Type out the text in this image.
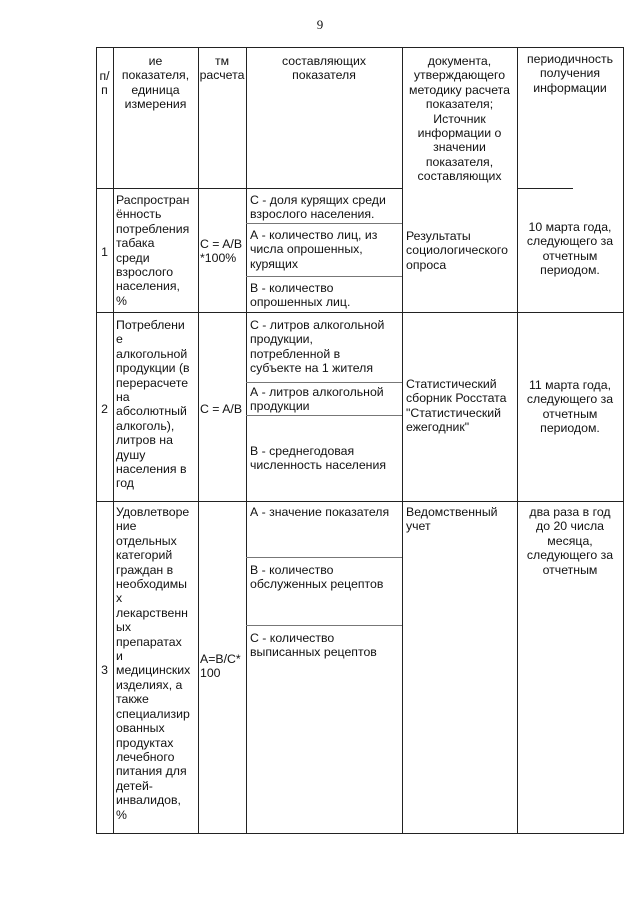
9
п/
п
ие
показателя,
единица
измерения
тм
расчета
составляющих
показателя
документа,
утверждающего
методику расчета
показателя;
Источник
информации о
значении
показателя,
составляющих
периодичность
получения
информации
1
Распростран
ённость
потребления
табака
среди
взрослого
населения,
%
C = A/B
*100%
С - доля курящих среди
взрослого населения.
А - количество лиц, из
числа опрошенных,
курящих
В - количество
опрошенных лиц.
Результаты
социологического
опроса
10 марта года,
следующего за
отчетным
периодом.
2
Потреблени
е
алкогольной
продукции (в
перерасчете
на
абсолютный
алкоголь),
литров на
душу
населения в
год
C = A/B
С - литров алкогольной
продукции,
потребленной в
субъекте на 1 жителя
А - литров алкогольной
продукции
В - среднегодовая
численность населения
Статистический
сборник Росстата
"Статистический
ежегодник"
11 марта года,
следующего за
отчетным
периодом.
3
Удовлетворе
ние
отдельных
категорий
граждан в
необходимы
х
лекарственн
ых
препаратах
и
медицинских
изделиях, а
также
специализир
ованных
продуктах
лечебного
питания для
детей-
инвалидов,
%
A=B/C*
100
А - значение показателя
В - количество
обслуженных рецептов
С - количество
выписанных рецептов
Ведомственный
учет
два раза в год
до 20 числа
месяца,
следующего за
отчетным
